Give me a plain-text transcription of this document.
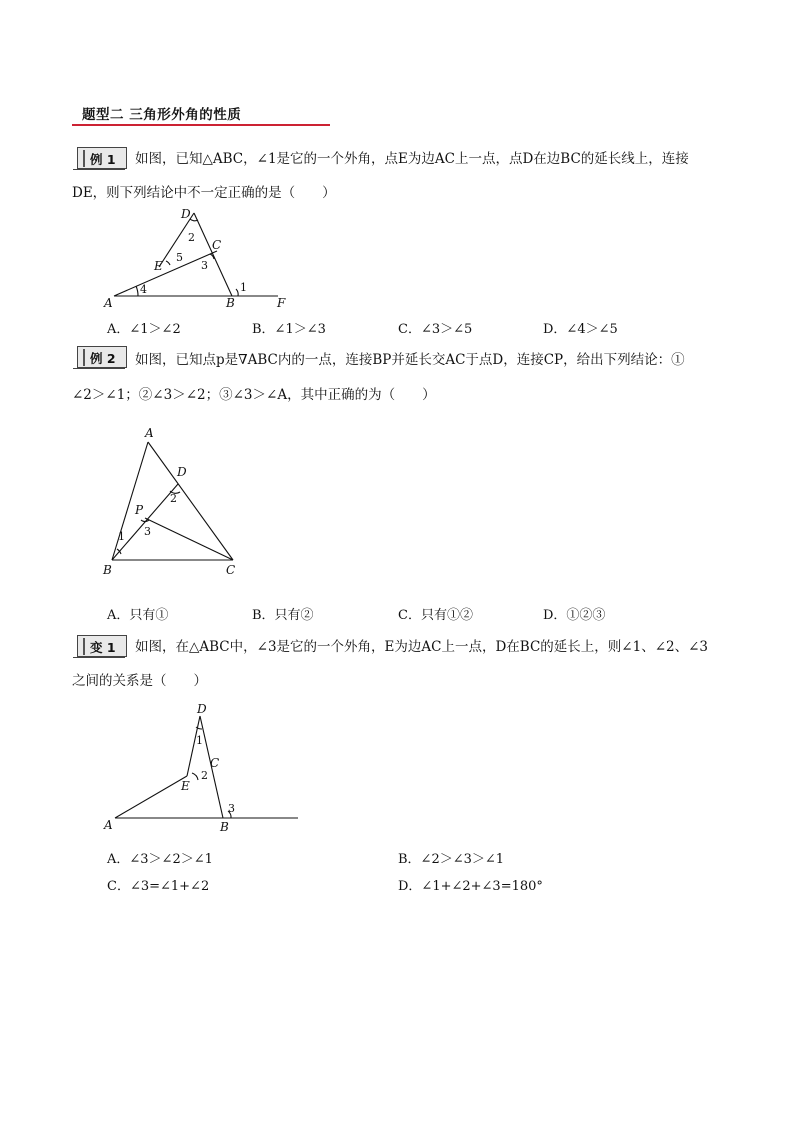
题型二 三角形外角的性质
例 1 如图，已知△ABC，∠1是它的一个外角，点E为边AC上一点，点D在边BC的延长线上，连接
DE，则下列结论中不一定正确的是（　　）
D
C
E
A	B	F
2
5
3
4	1
A．∠1＞∠2	B．∠1＞∠3	C．∠3＞∠5	D．∠4＞∠5
例 2 如图，已知点p是∇ABC内的一点，连接BP并延长交AC于点D，连接CP，给出下列结论：①
∠2＞∠1；②∠3＞∠2；③∠3＞∠A，其中正确的为（　　）
A
D
P
B	C
2
1 3
A．只有①	B．只有②	C．只有①②	D．①②③
变 1 如图，在△ABC中，∠3是它的一个外角，E为边AC上一点，D在BC的延长上，则∠1、∠2、∠3
之间的关系是（　　）
D
C
E
A	B
1
2
3
A．∠3＞∠2＞∠1	B．∠2＞∠3＞∠1
C．∠3=∠1+∠2	D．∠1+∠2+∠3=180°
